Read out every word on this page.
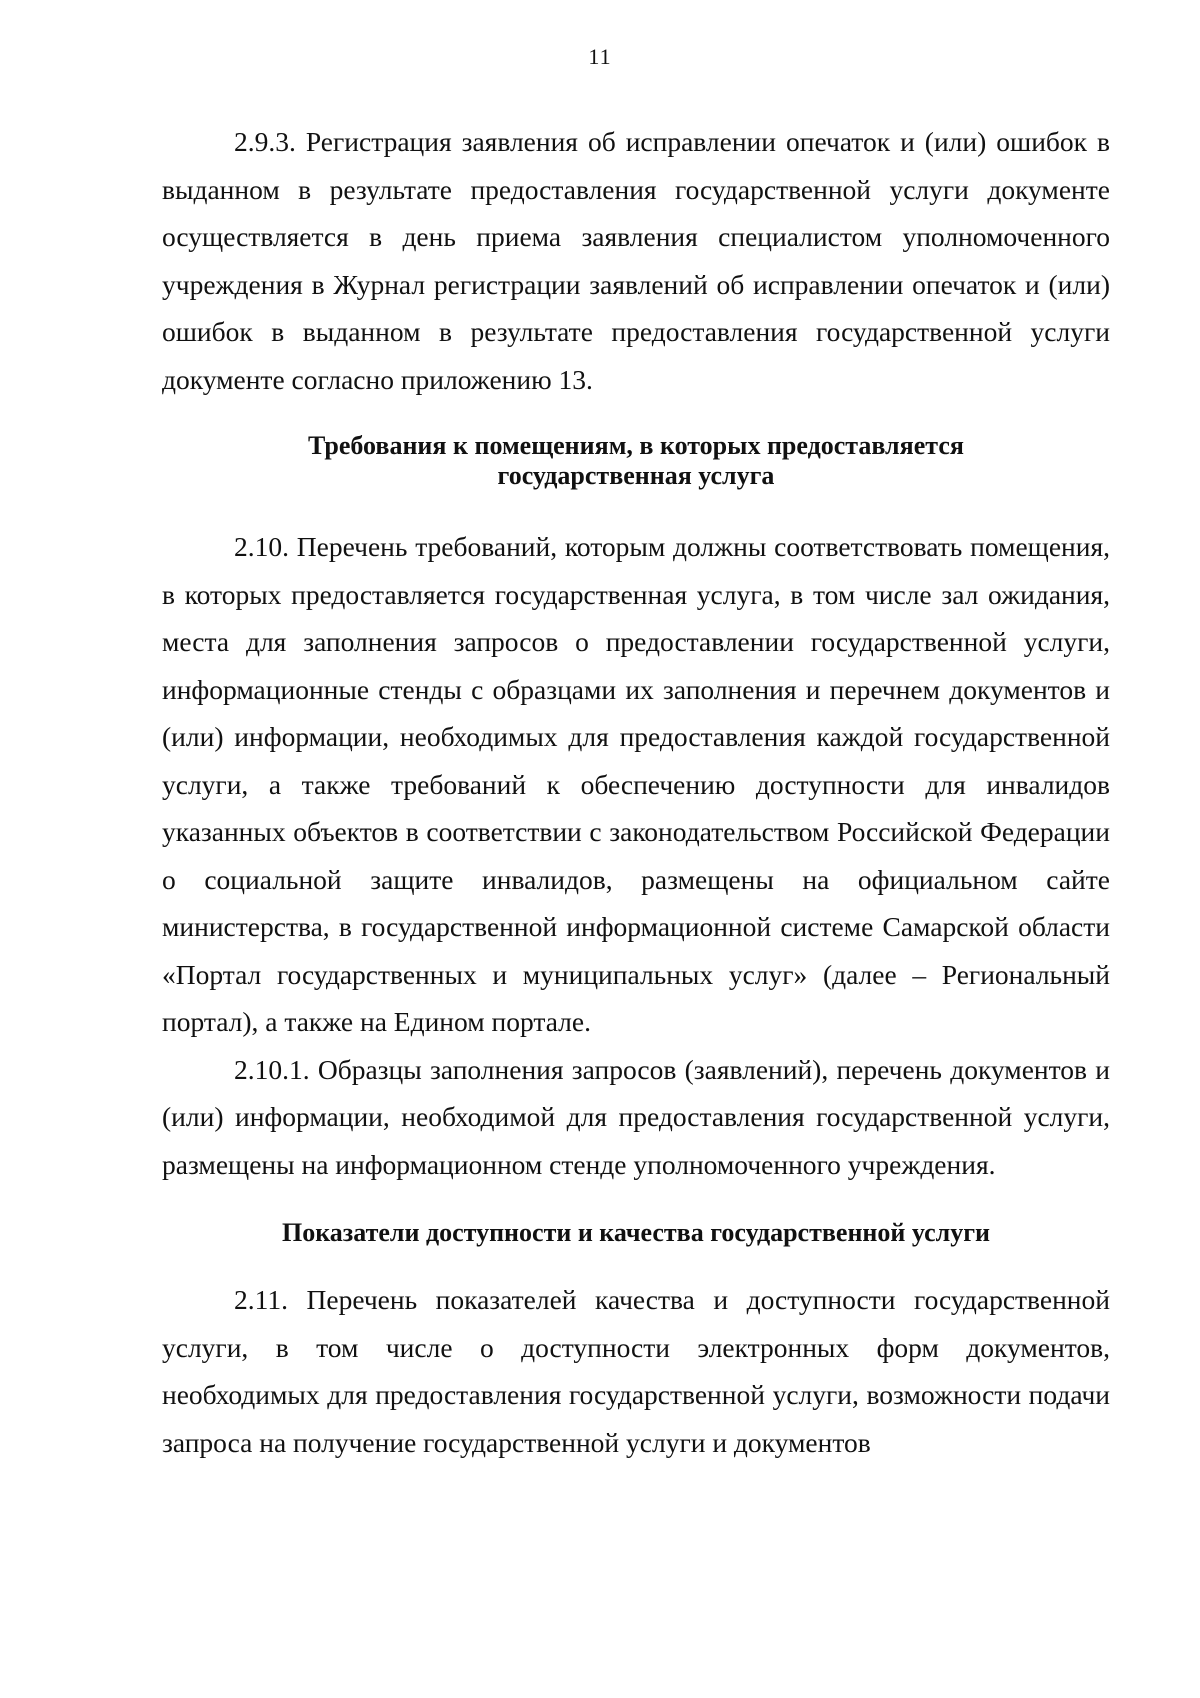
11

2.9.3. Регистрация заявления об исправлении опечаток и (или) ошибок в выданном в результате предоставления государственной услуги документе осуществляется в день приема заявления специалистом уполномоченного учреждения в Журнал регистрации заявлений об исправлении опечаток и (или) ошибок в выданном в результате предоставления государственной услуги документе согласно приложению 13.

Требования к помещениям, в которых предоставляется
государственная услуга

2.10. Перечень требований, которым должны соответствовать помещения, в которых предоставляется государственная услуга, в том числе зал ожидания, места для заполнения запросов о предоставлении государственной услуги, информационные стенды с образцами их заполнения и перечнем документов и (или) информации, необходимых для предоставления каждой государственной услуги, а также требований к обеспечению доступности для инвалидов указанных объектов в соответствии с законодательством Российской Федерации о социальной защите инвалидов, размещены на официальном сайте министерства, в государственной информационной системе Самарской области «Портал государственных и муниципальных услуг» (далее – Региональный портал), а также на Едином портале.

2.10.1. Образцы заполнения запросов (заявлений), перечень документов и (или) информации, необходимой для предоставления государственной услуги, размещены на информационном стенде уполномоченного учреждения.

Показатели доступности и качества государственной услуги

2.11. Перечень показателей качества и доступности государственной услуги, в том числе о доступности электронных форм документов, необходимых для предоставления государственной услуги, возможности подачи запроса на получение государственной услуги и документов
